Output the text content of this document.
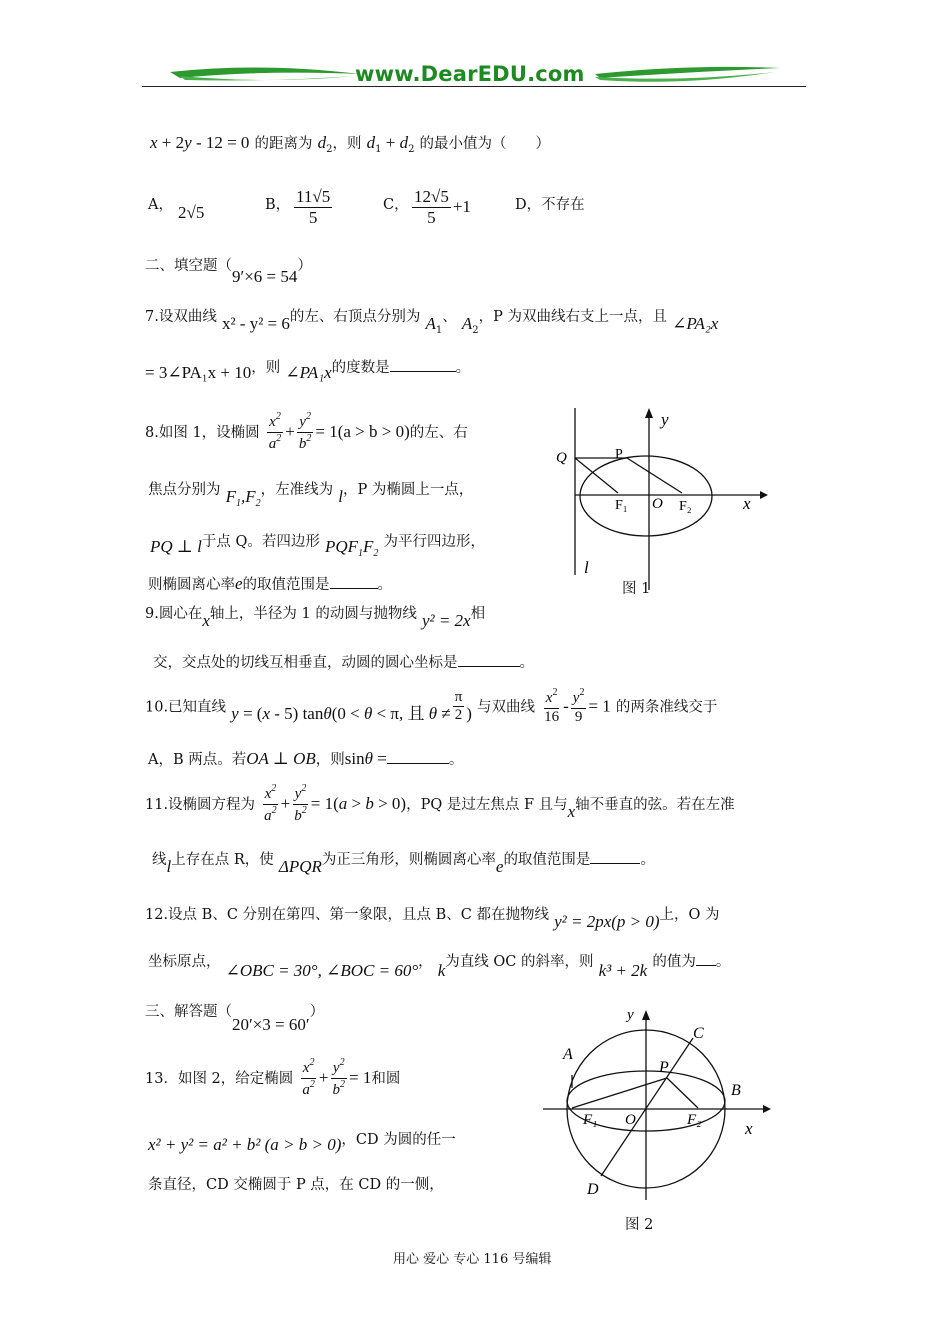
www.DearEDU.com
x + 2y - 12 = 0 的距离为 $d_2$，则 $d_1 + d_2$ 的最小值为（　　）
A， 2√5	B， $\frac{11√5}{5}$	C， $\frac{12√5}{5} +1$	D，不存在
二、填空题（9′×6 = 54）
7.设双曲线 x² - y² = 6的左、右顶点分别为 $A_1$、 $A_2$，P 为双曲线右支上一点，且 ∠PA₂x
= 3∠PA₁x + 10，则 ∠PA₁x的度数是	。
8.如图 1，设椭圆 $\frac{x^2}{a^2} + \frac{y^2}{b^2} = 1(a > b > 0)$的左、右
焦点分别为 $F_1,F_2$，左准线为 l，P 为椭圆上一点，
PQ ⊥ l于点 Q。若四边形 $PQF_1F_2$ 为平行四边形，
则椭圆离心率e的取值范围是	。
y
x
Q	P
F₁ O F₂
l
图 1
9.圆心在x轴上，半径为 1 的动圆与抛物线 y² = 2x相
交，交点处的切线互相垂直，动圆的圆心坐标是	。
10.已知直线 y = (x - 5) tanθ(0 < θ < π, 且 $\theta \ne \frac{\pi}{2}$ ) 与双曲线 $\frac{x^2}{16} - \frac{y^2}{9} = 1$ 的两条准线交于
A，B 两点。若OA ⊥ OB，则sinθ =	。
11.设椭圆方程为 $\frac{x^2}{a^2} + \frac{y^2}{b^2} = 1(a > b > 0)$，PQ 是过左焦点 F 且与x轴不垂直的弦。若在左准
线l上存在点 R，使 ΔPQR为正三角形，则椭圆离心率e的取值范围是	。
12.设点 B、C 分别在第四、第一象限，且点 B、C 都在抛物线 y² = 2px(p > 0)上，O 为
坐标原点， ∠OBC = 30°, ∠BOC = 60°， k为直线 OC 的斜率，则 k³ + 2k 的值为 。
三、解答题（20′×3 = 60′）
13．如图 2，给定椭圆 $\frac{x^2}{a^2} + \frac{y^2}{b^2} = 1$和圆
x² + y² = a² + b² (a > b > 0)，CD 为圆的任一
条直径，CD 交椭圆于 P 点，在 CD 的一侧，
y
x
C
A
P
B
F₁ O	F₂
D
图 2
用心 爱心 专心 116 号编辑
